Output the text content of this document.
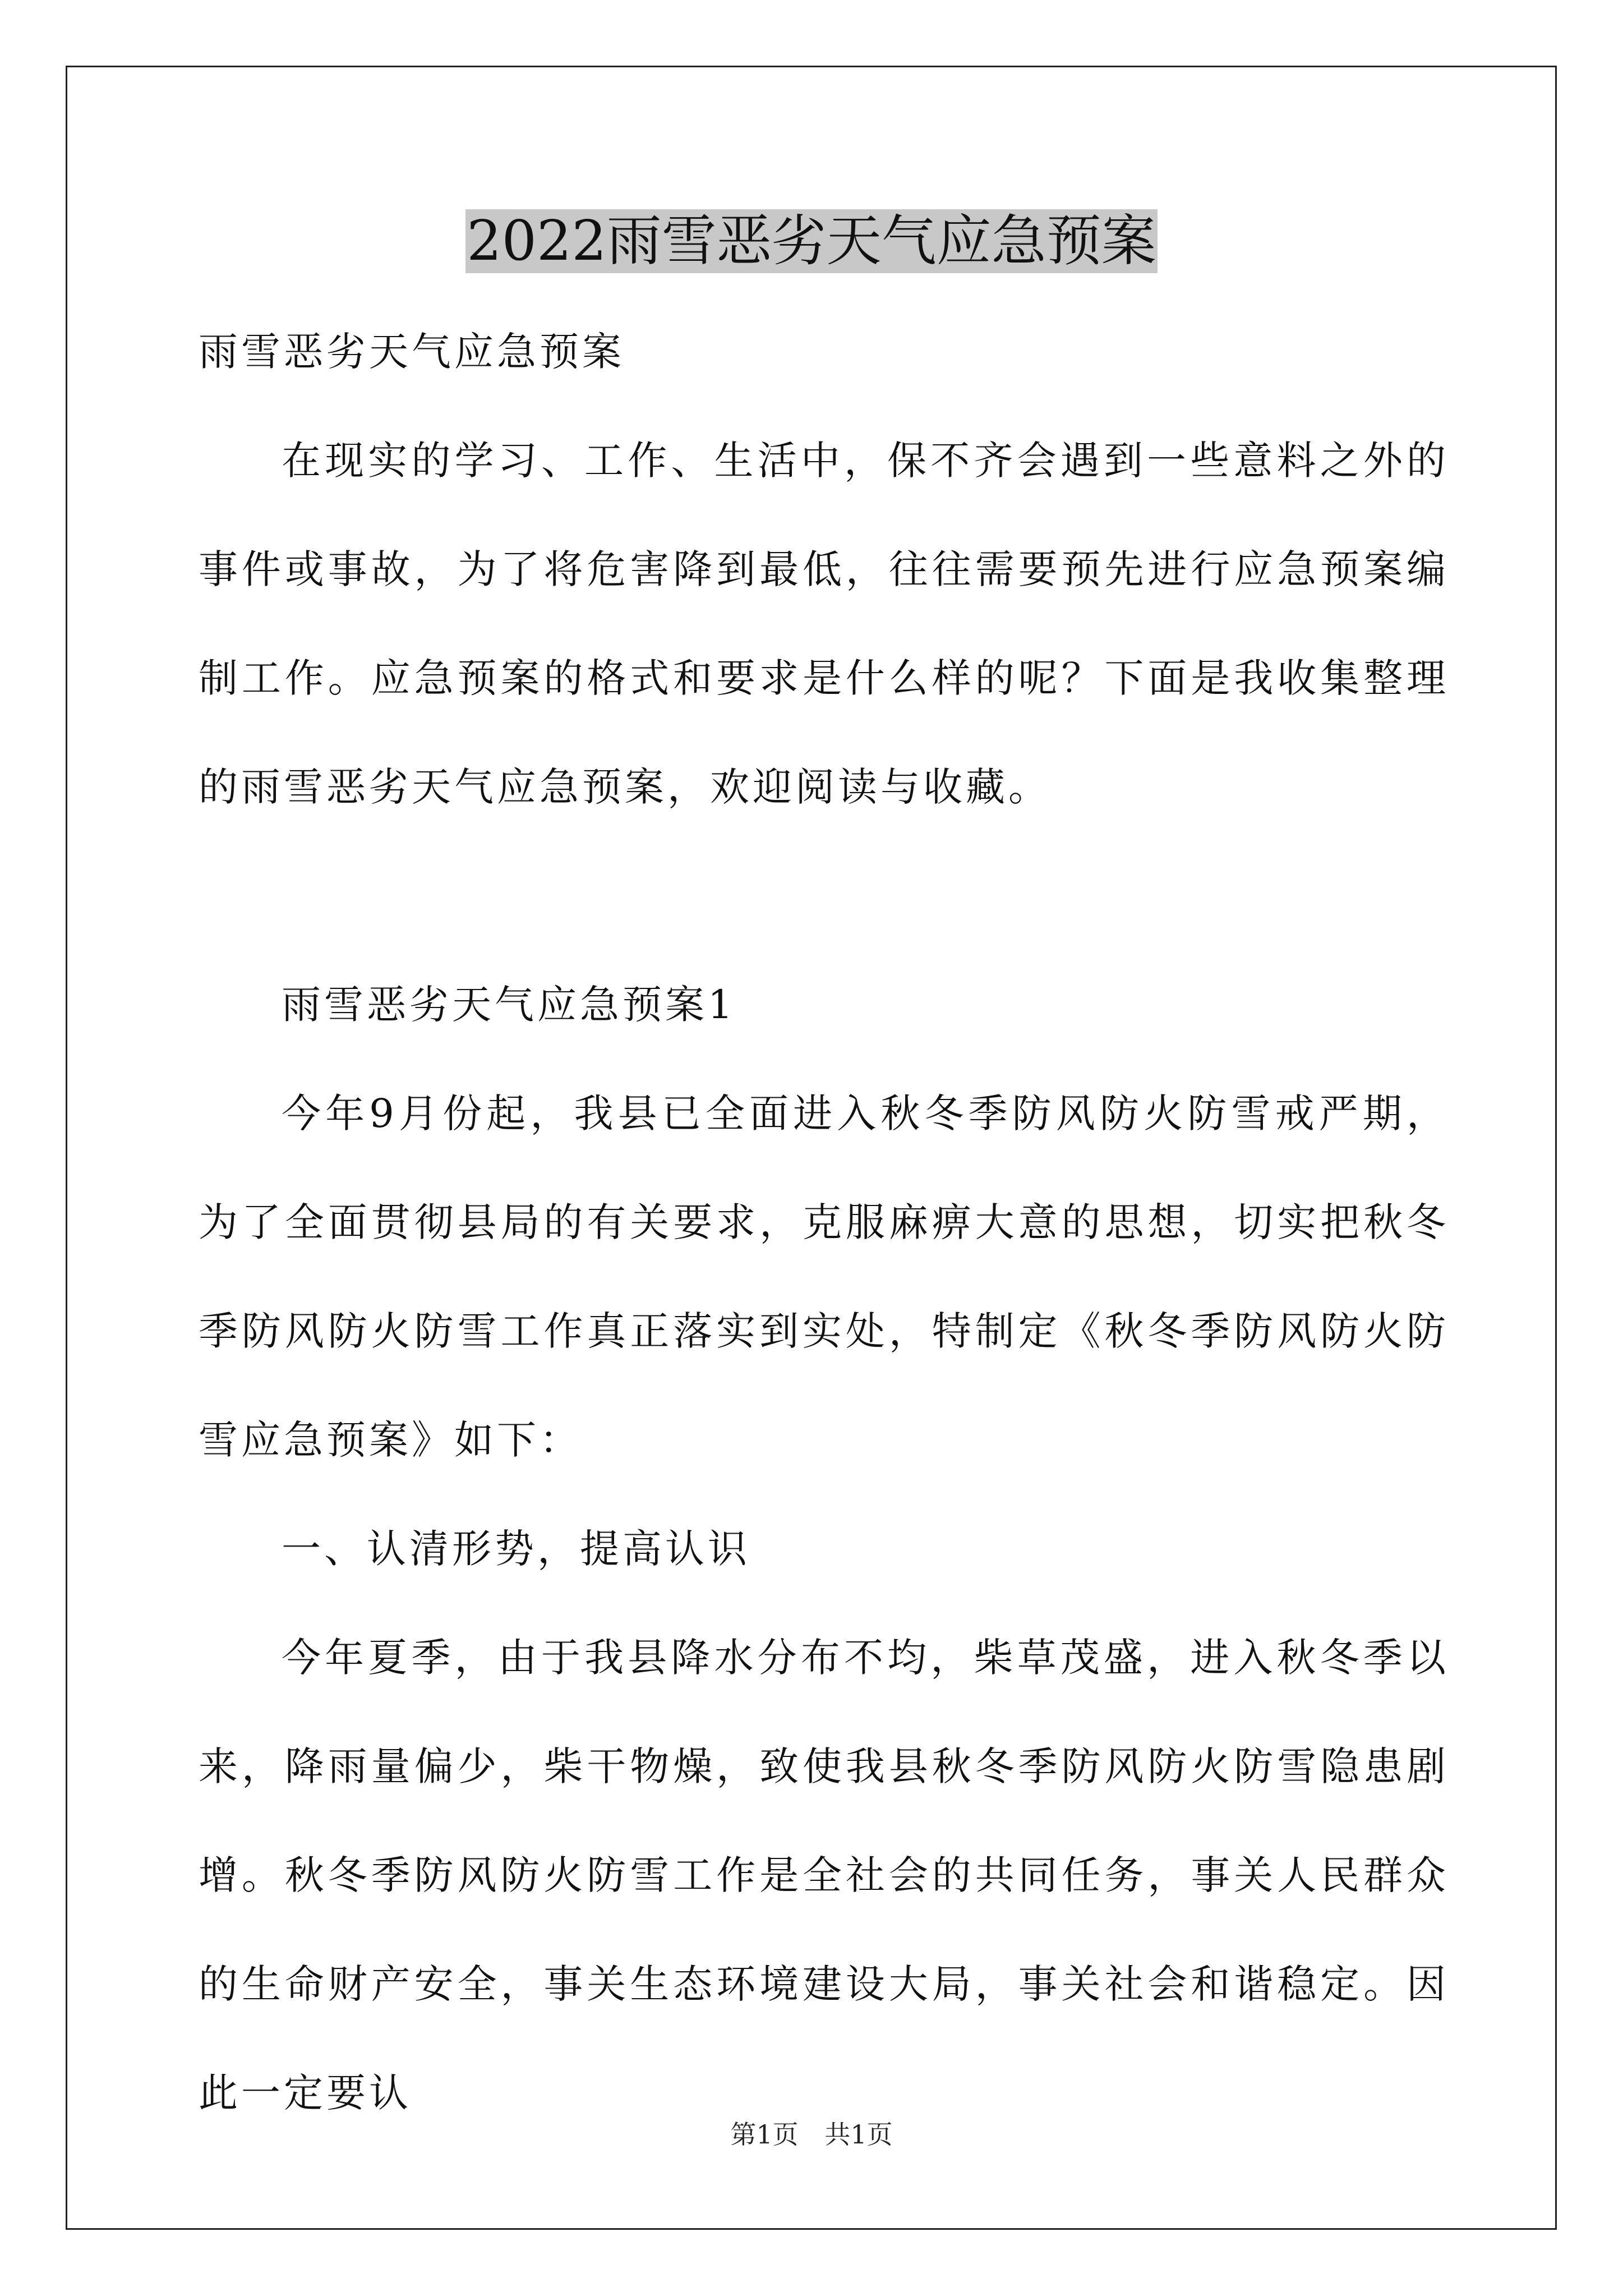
2022雨雪恶劣天气应急预案

雨雪恶劣天气应急预案

在现实的学习、工作、生活中，保不齐会遇到一些意料之外的事件或事故，为了将危害降到最低，往往需要预先进行应急预案编制工作。应急预案的格式和要求是什么样的呢？下面是我收集整理的雨雪恶劣天气应急预案，欢迎阅读与收藏。

雨雪恶劣天气应急预案1

今年9月份起，我县已全面进入秋冬季防风防火防雪戒严期，为了全面贯彻县局的有关要求，克服麻痹大意的思想，切实把秋冬季防风防火防雪工作真正落实到实处，特制定《秋冬季防风防火防雪应急预案》如下：

一、认清形势，提高认识

今年夏季，由于我县降水分布不均，柴草茂盛，进入秋冬季以来，降雨量偏少，柴干物燥，致使我县秋冬季防风防火防雪隐患剧增。秋冬季防风防火防雪工作是全社会的共同任务，事关人民群众的生命财产安全，事关生态环境建设大局，事关社会和谐稳定。因此一定要认

第1页 共1页
